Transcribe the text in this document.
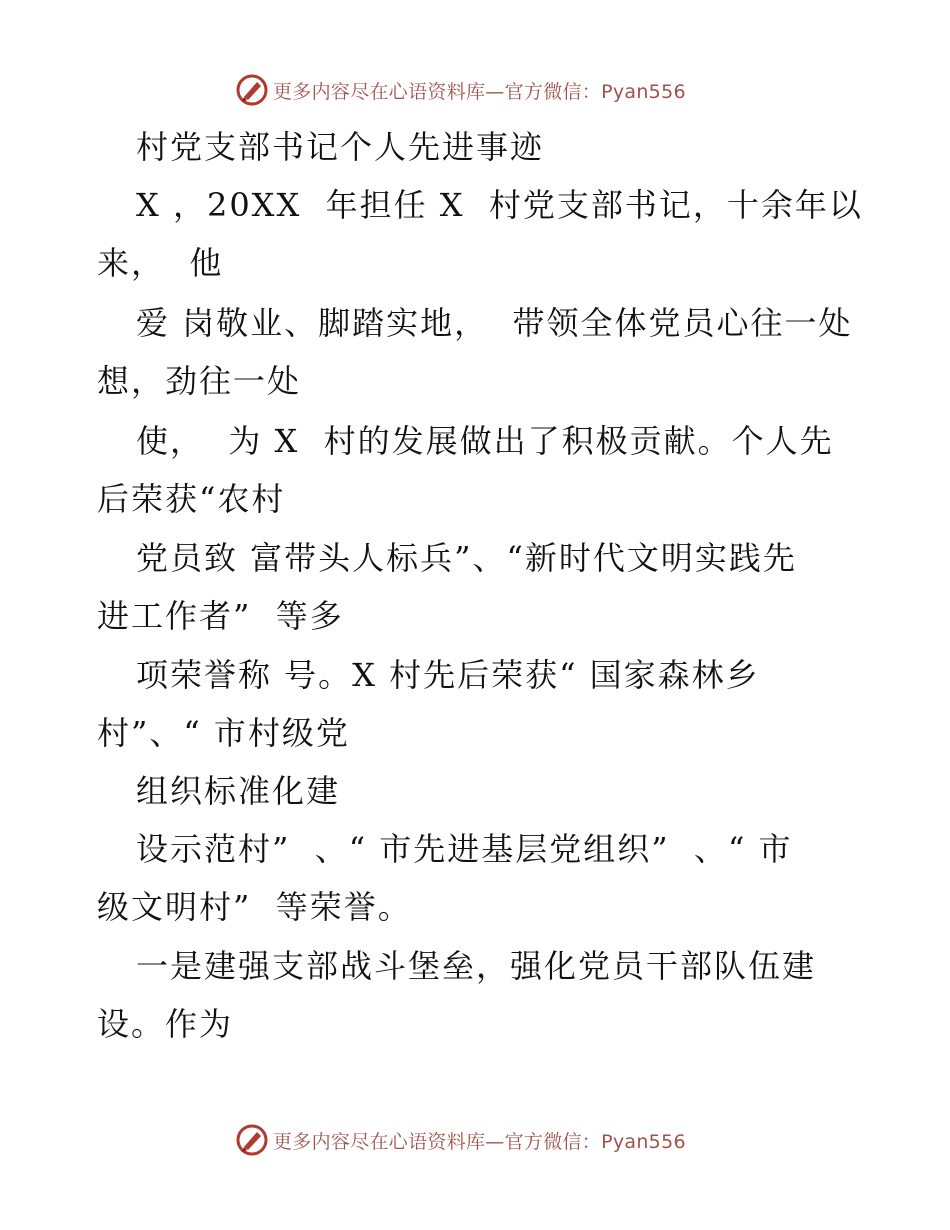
更多内容尽在心语资料库—官方微信：Pyan556
村党支部书记个人先进事迹
X ，20XX  年担任 X  村党支部书记，十余年以
来，  他
爱 岗敬业、脚踏实地，  带领全体党员心往一处
想，劲往一处
使，  为 X  村的发展做出了积极贡献。个人先
后荣获“农村
党员致 富带头人标兵”、“新时代文明实践先
进工作者”  等多
项荣誉称 号。X 村先后荣获“ 国家森林乡
村”、“ 市村级党
组织标准化建
设示范村”  、“ 市先进基层党组织”  、“ 市
级文明村”  等荣誉。
一是建强支部战斗堡垒，强化党员干部队伍建
设。作为
更多内容尽在心语资料库—官方微信：Pyan556
